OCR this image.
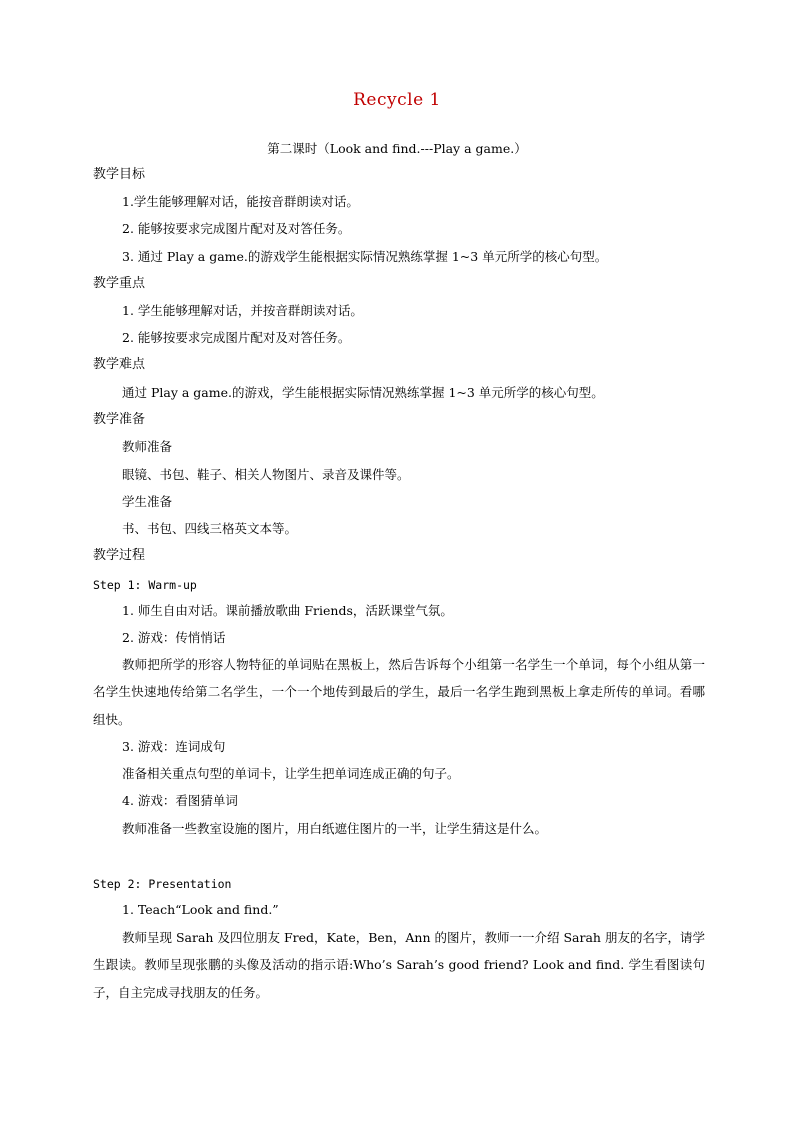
Recycle 1
第二课时（Look and find.---Play a game.）
教学目标
1.学生能够理解对话，能按音群朗读对话。
2. 能够按要求完成图片配对及对答任务。
3. 通过 Play a game.的游戏学生能根据实际情况熟练掌握 1~3 单元所学的核心句型。
教学重点
1. 学生能够理解对话，并按音群朗读对话。
2. 能够按要求完成图片配对及对答任务。
教学难点
通过 Play a game.的游戏，学生能根据实际情况熟练掌握 1~3 单元所学的核心句型。
教学准备
教师准备
眼镜、书包、鞋子、相关人物图片、录音及课件等。
学生准备
书、书包、四线三格英文本等。
教学过程
Step 1: Warm-up
1. 师生自由对话。课前播放歌曲 Friends，活跃课堂气氛。
2. 游戏：传悄悄话
教师把所学的形容人物特征的单词贴在黑板上，然后告诉每个小组第一名学生一个单词，每个小组从第一名学生快速地传给第二名学生，一个一个地传到最后的学生，最后一名学生跑到黑板上拿走所传的单词。看哪组快。
3. 游戏：连词成句
准备相关重点句型的单词卡，让学生把单词连成正确的句子。
4. 游戏：看图猜单词
教师准备一些教室设施的图片，用白纸遮住图片的一半，让学生猜这是什么。
Step 2: Presentation
1. Teach“Look and find.”
教师呈现 Sarah 及四位朋友 Fred，Kate，Ben，Ann 的图片，教师一一介绍 Sarah 朋友的名字，请学生跟读。教师呈现张鹏的头像及活动的指示语:Who’s Sarah’s good friend? Look and find. 学生看图读句子，自主完成寻找朋友的任务。
